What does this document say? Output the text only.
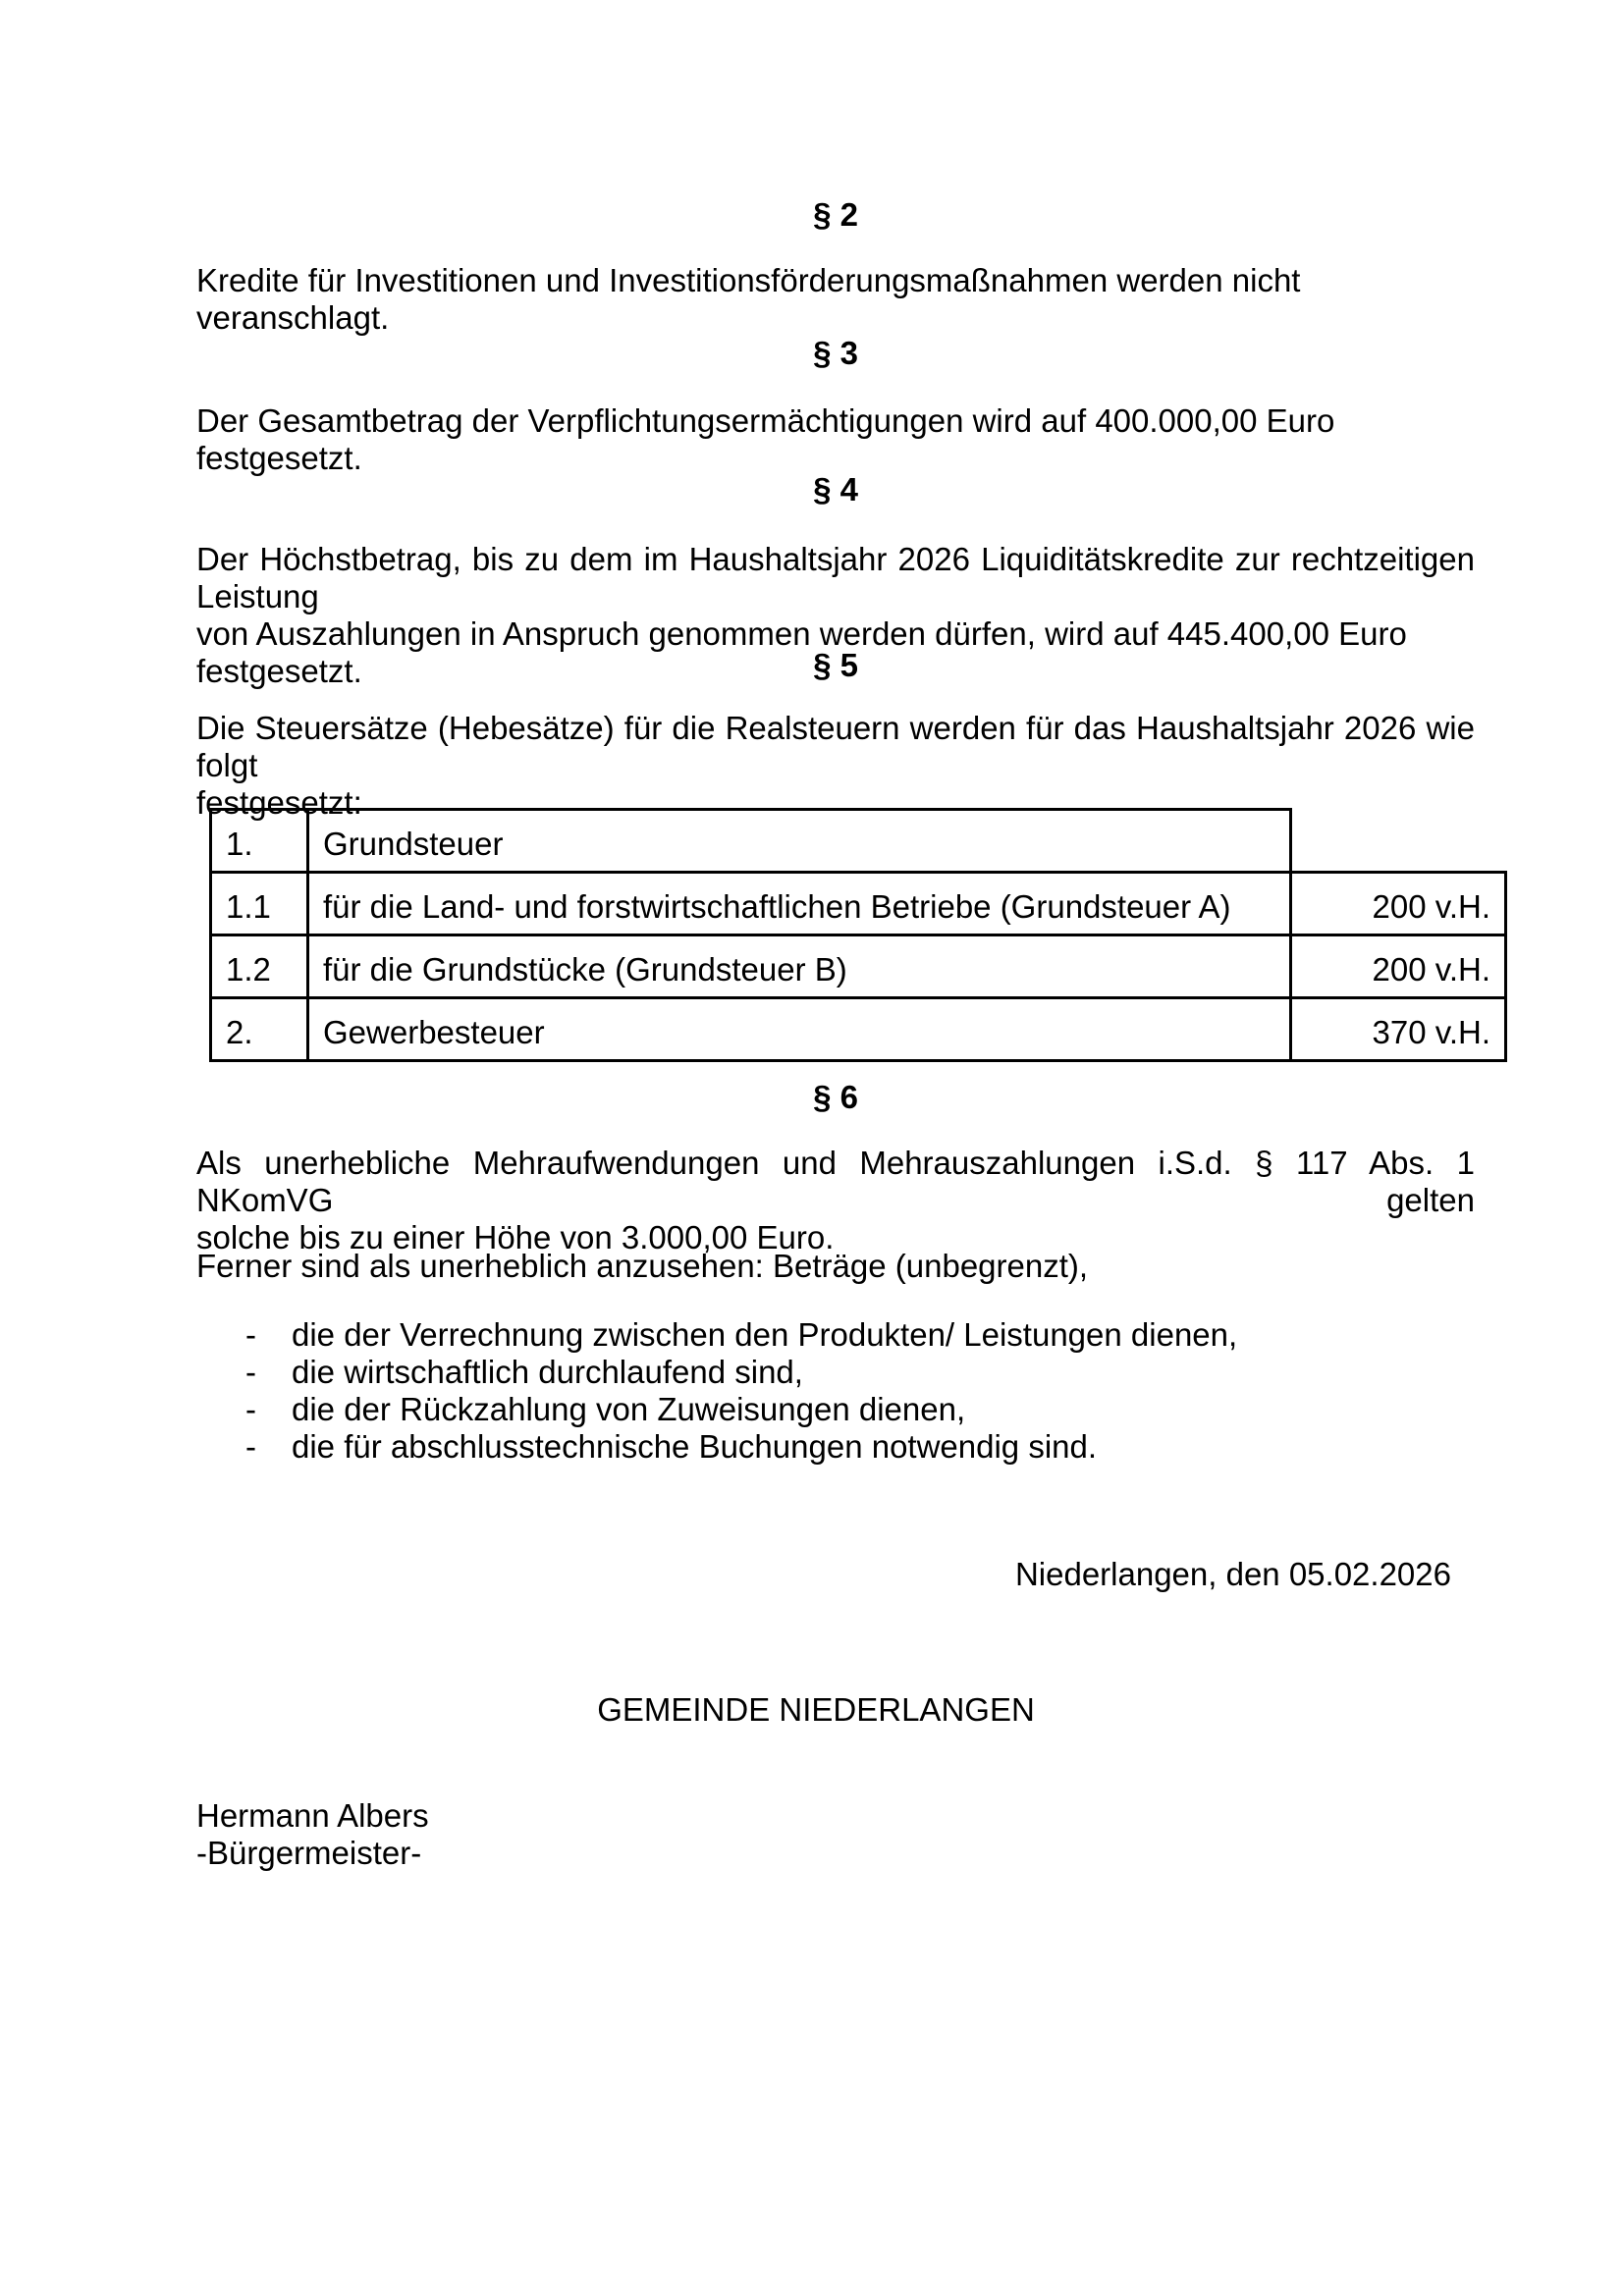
§ 2
Kredite für Investitionen und Investitionsförderungsmaßnahmen werden nicht veranschlagt.
§ 3
Der Gesamtbetrag der Verpflichtungsermächtigungen wird auf 400.000,00 Euro festgesetzt.
§ 4
Der Höchstbetrag, bis zu dem im Haushaltsjahr 2026 Liquiditätskredite zur rechtzeitigen Leistung
von Auszahlungen in Anspruch genommen werden dürfen, wird auf 445.400,00 Euro festgesetzt.	§ 5
Die Steuersätze (Hebesätze) für die Realsteuern werden für das Haushaltsjahr 2026 wie folgt
festgesetzt:
1.	Grundsteuer	
1.1	für die Land- und forstwirtschaftlichen Betriebe (Grundsteuer A)	200 v.H.
1.2	für die Grundstücke (Grundsteuer B)	200 v.H.
2.	Gewerbesteuer	370 v.H.
§ 6
Als unerhebliche Mehraufwendungen und Mehrauszahlungen i.S.d. § 117 Abs. 1 NKomVG gelten
solche bis zu einer Höhe von 3.000,00 Euro.
Ferner sind als unerheblich anzusehen: Beträge (unbegrenzt),
-	die der Verrechnung zwischen den Produkten/ Leistungen dienen,
-	die wirtschaftlich durchlaufend sind,
-	die der Rückzahlung von Zuweisungen dienen,
-	die für abschlusstechnische Buchungen notwendig sind.
Niederlangen, den 05.02.2026
GEMEINDE NIEDERLANGEN
Hermann Albers
-Bürgermeister-
